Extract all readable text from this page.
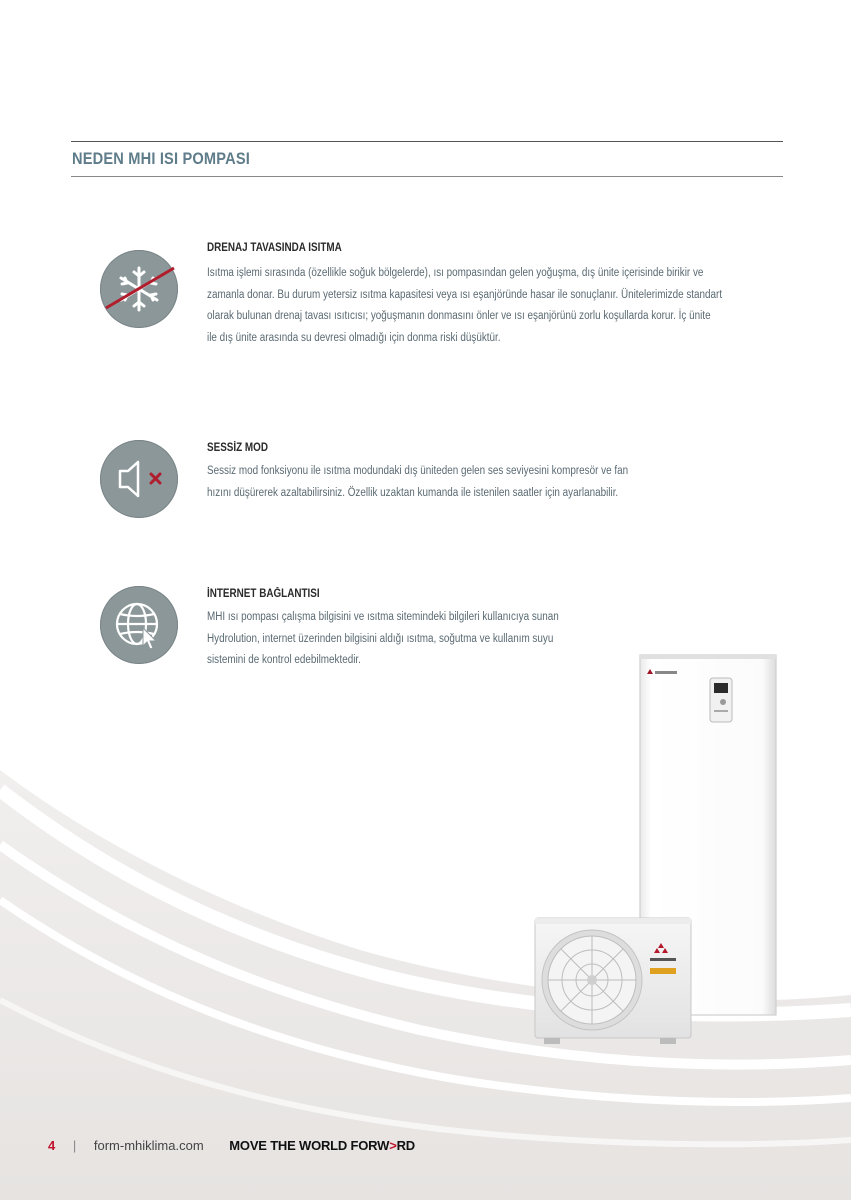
NEDEN MHI ISI POMPASI
DRENAJ TAVASINDA ISITMA
Isıtma işlemi sırasında (özellikle soğuk bölgelerde), ısı pompasından gelen yoğuşma, dış ünite içerisinde birikir ve
zamanla donar. Bu durum yetersiz ısıtma kapasitesi veya ısı eşanjöründe hasar ile sonuçlanır. Ünitelerimizde standart
olarak bulunan drenaj tavası ısıtıcısı; yoğuşmanın donmasını önler ve ısı eşanjörünü zorlu koşullarda korur. İç ünite
ile dış ünite arasında su devresi olmadığı için donma riski düşüktür.
SESSİZ MOD
Sessiz mod fonksiyonu ile ısıtma modundaki dış üniteden gelen ses seviyesini kompresör ve fan
hızını düşürerek azaltabilirsiniz. Özellik uzaktan kumanda ile istenilen saatler için ayarlanabilir.
İNTERNET BAĞLANTISI
MHI ısı pompası çalışma bilgisini ve ısıtma sitemindeki bilgileri kullanıcıya sunan
Hydrolution, internet üzerinden bilgisini aldığı ısıtma, soğutma ve kullanım suyu
sistemini de kontrol edebilmektedir.
4 | form-mhiklima.com MOVE THE WORLD FORW>RD
